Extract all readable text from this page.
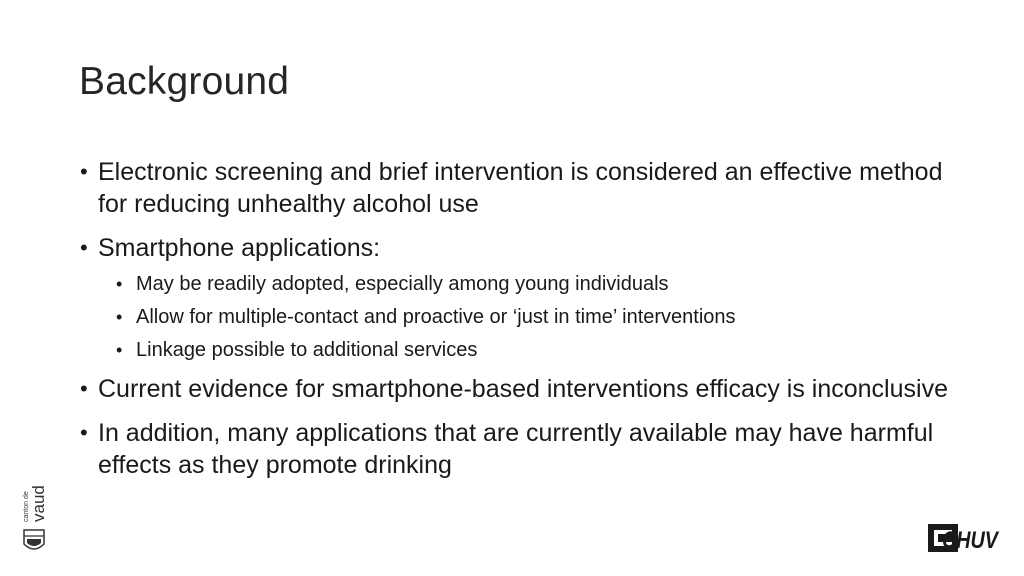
Background
• Electronic screening and brief intervention is considered an effective method for reducing unhealthy alcohol use
• Smartphone applications:
• May be readily adopted, especially among young individuals
• Allow for multiple-contact and proactive or ‘just in time’ interventions
• Linkage possible to additional services
• Current evidence for smartphone-based interventions efficacy is inconclusive
• In addition, many applications that are currently available may have harmful effects as they promote drinking
canton de vaud
CHUV
